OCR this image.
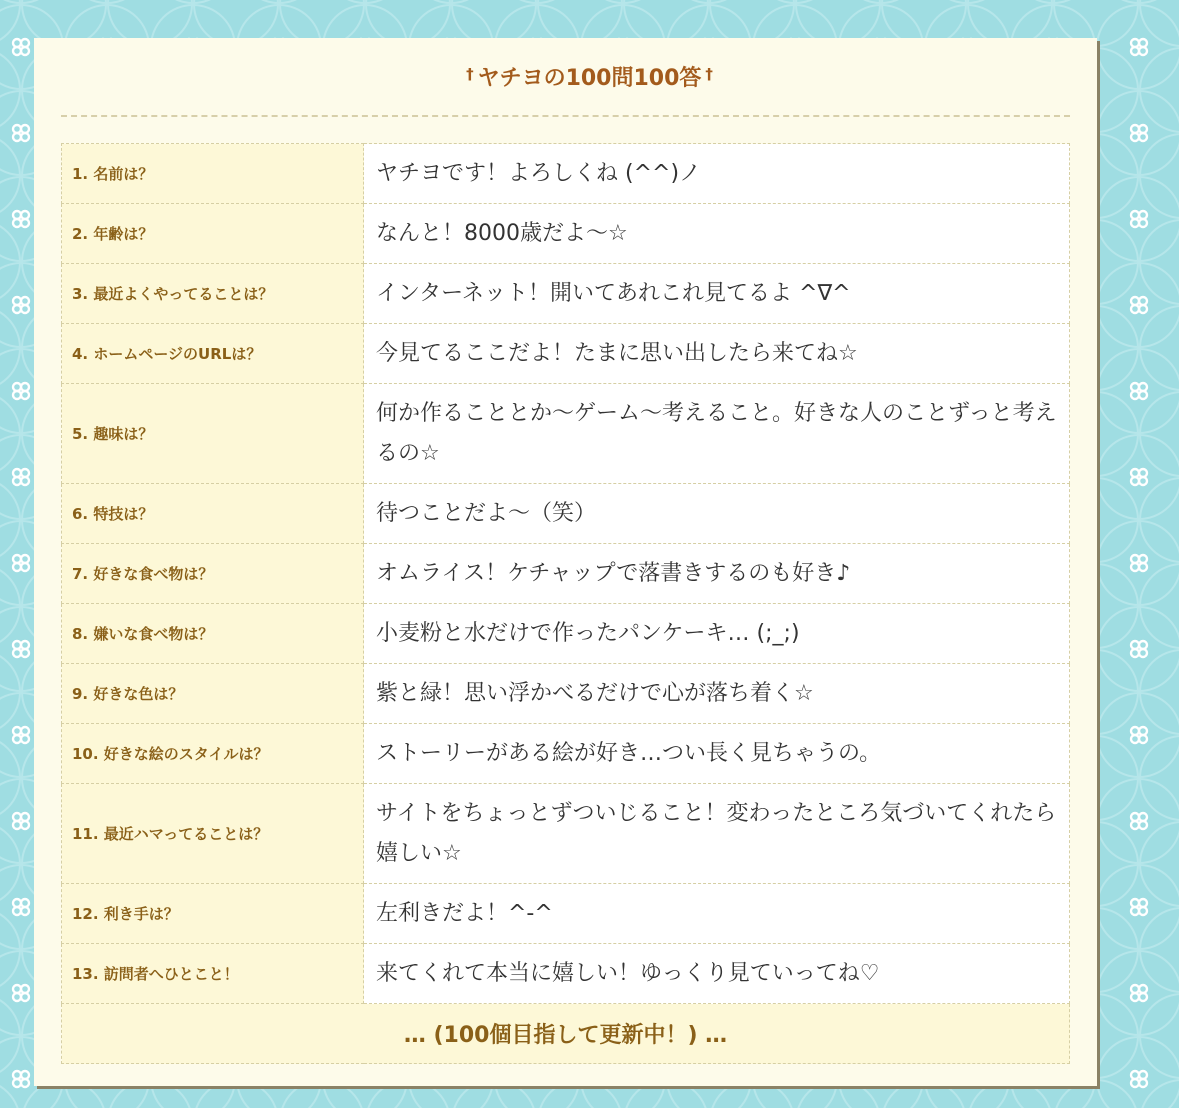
† ヤチヨの100問100答 †
1. 名前は？	ヤチヨです！よろしくね (^^)ノ
2. 年齢は？	なんと！8000歳だよ〜☆
3. 最近よくやってることは？	インターネット！開いてあれこれ見てるよ ^∇^
4. ホームページのURLは？	今見てるここだよ！たまに思い出したら来てね☆
5. 趣味は？	何か作ることとか〜ゲーム〜考えること。好きな人のことずっと考えるの☆
6. 特技は？	待つことだよ〜（笑）
7. 好きな食べ物は？	オムライス！ケチャップで落書きするのも好き♪
8. 嫌いな食べ物は？	小麦粉と水だけで作ったパンケーキ… (;_;)
9. 好きな色は？	紫と緑！思い浮かべるだけで心が落ち着く☆
10. 好きな絵のスタイルは？	ストーリーがある絵が好き…つい長く見ちゃうの。
11. 最近ハマってることは？	サイトをちょっとずついじること！変わったところ気づいてくれたら嬉しい☆
12. 利き手は？	左利きだよ！^-^
13. 訪問者へひとこと！	来てくれて本当に嬉しい！ゆっくり見ていってね♡
… (100個目指して更新中！) …	
